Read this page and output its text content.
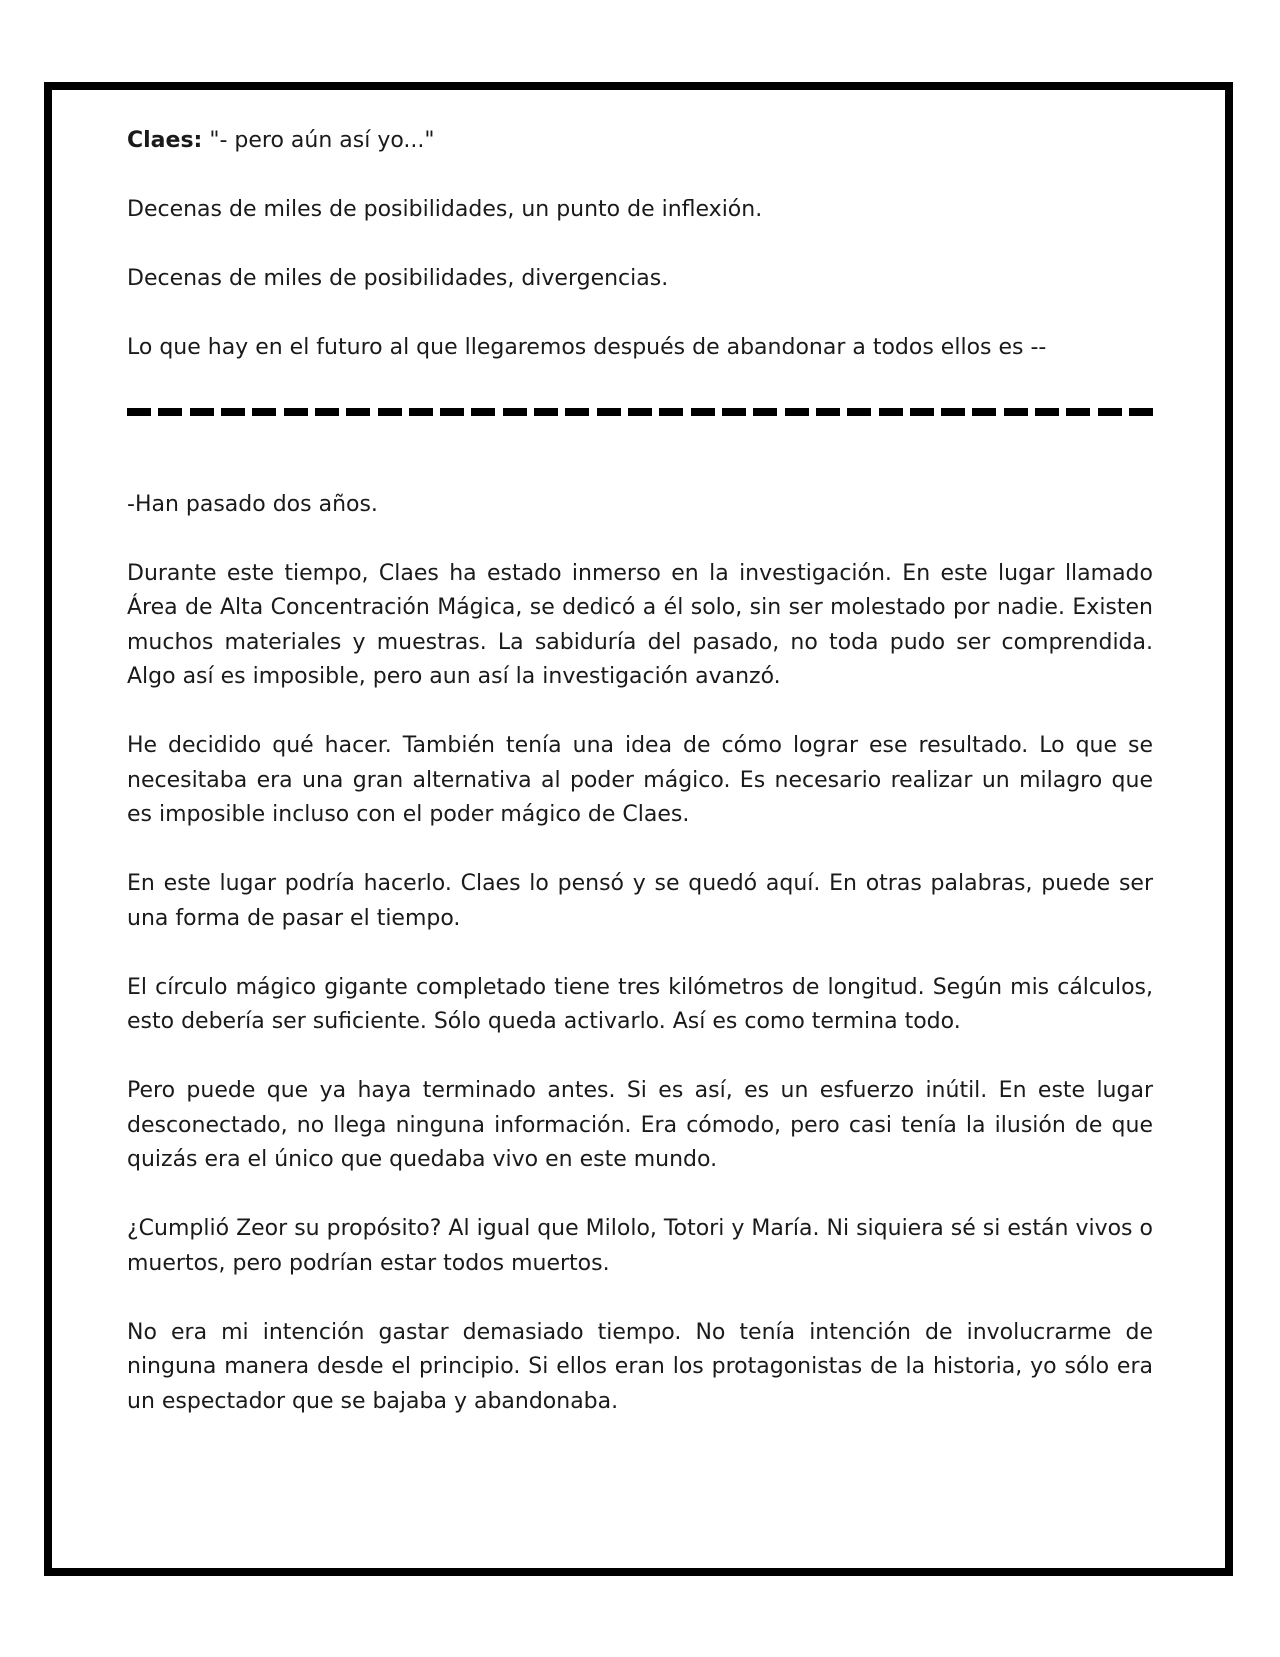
Claes: "- pero aún así yo..."

Decenas de miles de posibilidades, un punto de inflexión.

Decenas de miles de posibilidades, divergencias.

Lo que hay en el futuro al que llegaremos después de abandonar a todos ellos es --

-Han pasado dos años.

Durante este tiempo, Claes ha estado inmerso en la investigación. En este lugar llamado Área de Alta Concentración Mágica, se dedicó a él solo, sin ser molestado por nadie. Existen muchos materiales y muestras. La sabiduría del pasado, no toda pudo ser comprendida. Algo así es imposible, pero aun así la investigación avanzó.

He decidido qué hacer. También tenía una idea de cómo lograr ese resultado. Lo que se necesitaba era una gran alternativa al poder mágico. Es necesario realizar un milagro que es imposible incluso con el poder mágico de Claes.

En este lugar podría hacerlo. Claes lo pensó y se quedó aquí. En otras palabras, puede ser una forma de pasar el tiempo.

El círculo mágico gigante completado tiene tres kilómetros de longitud. Según mis cálculos, esto debería ser suficiente. Sólo queda activarlo. Así es como termina todo.

Pero puede que ya haya terminado antes. Si es así, es un esfuerzo inútil. En este lugar desconectado, no llega ninguna información. Era cómodo, pero casi tenía la ilusión de que quizás era el único que quedaba vivo en este mundo.

¿Cumplió Zeor su propósito? Al igual que Milolo, Totori y María. Ni siquiera sé si están vivos o muertos, pero podrían estar todos muertos.

No era mi intención gastar demasiado tiempo. No tenía intención de involucrarme de ninguna manera desde el principio. Si ellos eran los protagonistas de la historia, yo sólo era un espectador que se bajaba y abandonaba.
